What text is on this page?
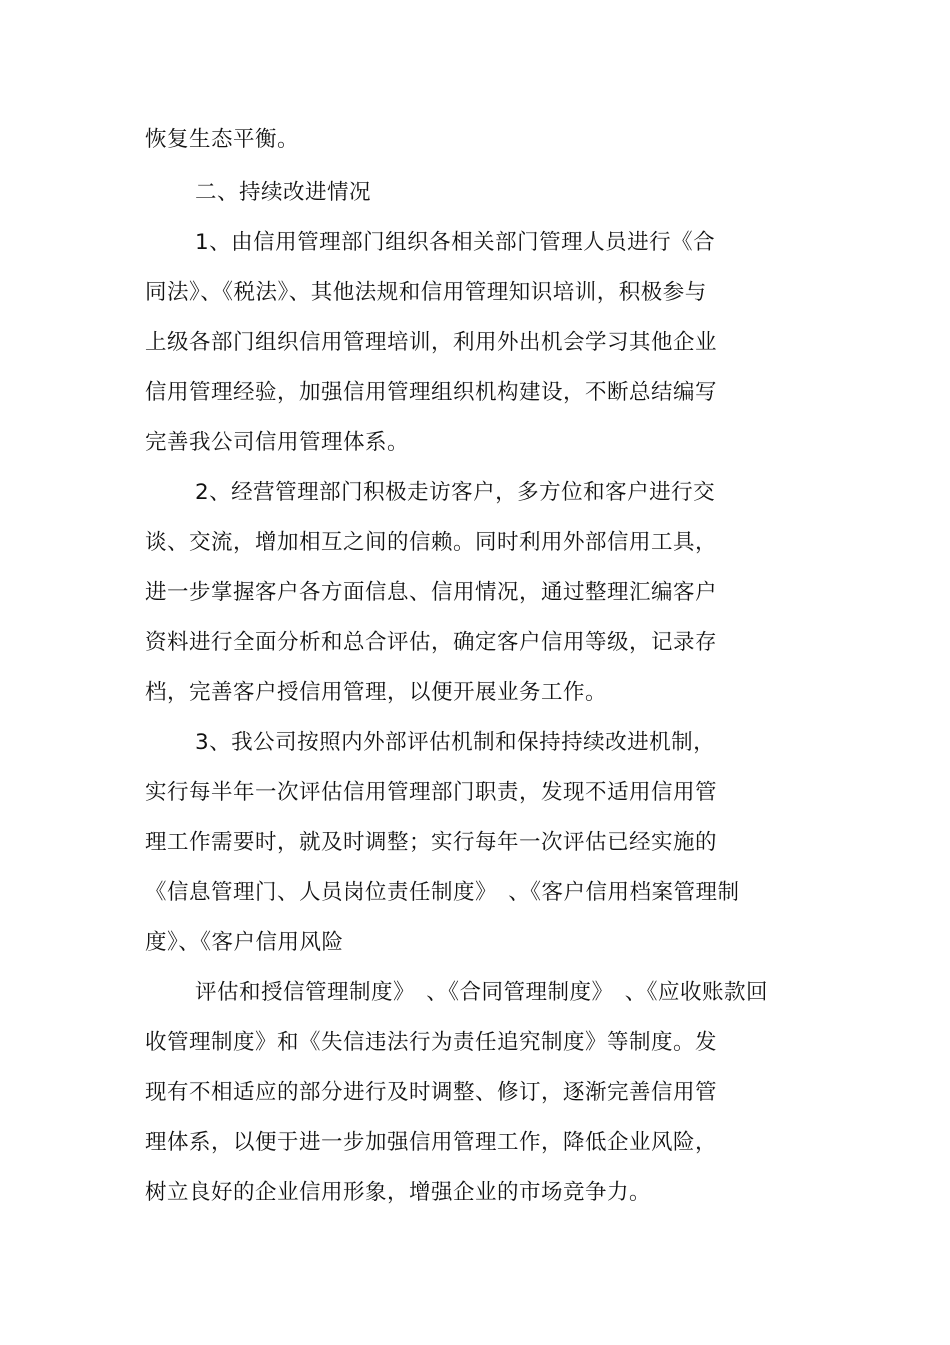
恢复生态平衡。
二、持续改进情况
1、由信用管理部门组织各相关部门管理人员进行《合
同法》、《税法》、其他法规和信用管理知识培训，积极参与
上级各部门组织信用管理培训，利用外出机会学习其他企业
信用管理经验，加强信用管理组织机构建设，不断总结编写
完善我公司信用管理体系。
2、经营管理部门积极走访客户，多方位和客户进行交
谈、交流，增加相互之间的信赖。同时利用外部信用工具，
进一步掌握客户各方面信息、信用情况，通过整理汇编客户
资料进行全面分析和总合评估，确定客户信用等级，记录存
档，完善客户授信用管理，以便开展业务工作。
3、我公司按照内外部评估机制和保持持续改进机制，
实行每半年一次评估信用管理部门职责，发现不适用信用管
理工作需要时，就及时调整；实行每年一次评估已经实施的
《信息管理门、人员岗位责任制度》　、《客户信用档案管理制
度》、《客户信用风险
评估和授信管理制度》　、《合同管理制度》　、《应收账款回
收管理制度》和《失信违法行为责任追究制度》等制度。发
现有不相适应的部分进行及时调整、修订，逐渐完善信用管
理体系，以便于进一步加强信用管理工作，降低企业风险，
树立良好的企业信用形象，增强企业的市场竞争力。
